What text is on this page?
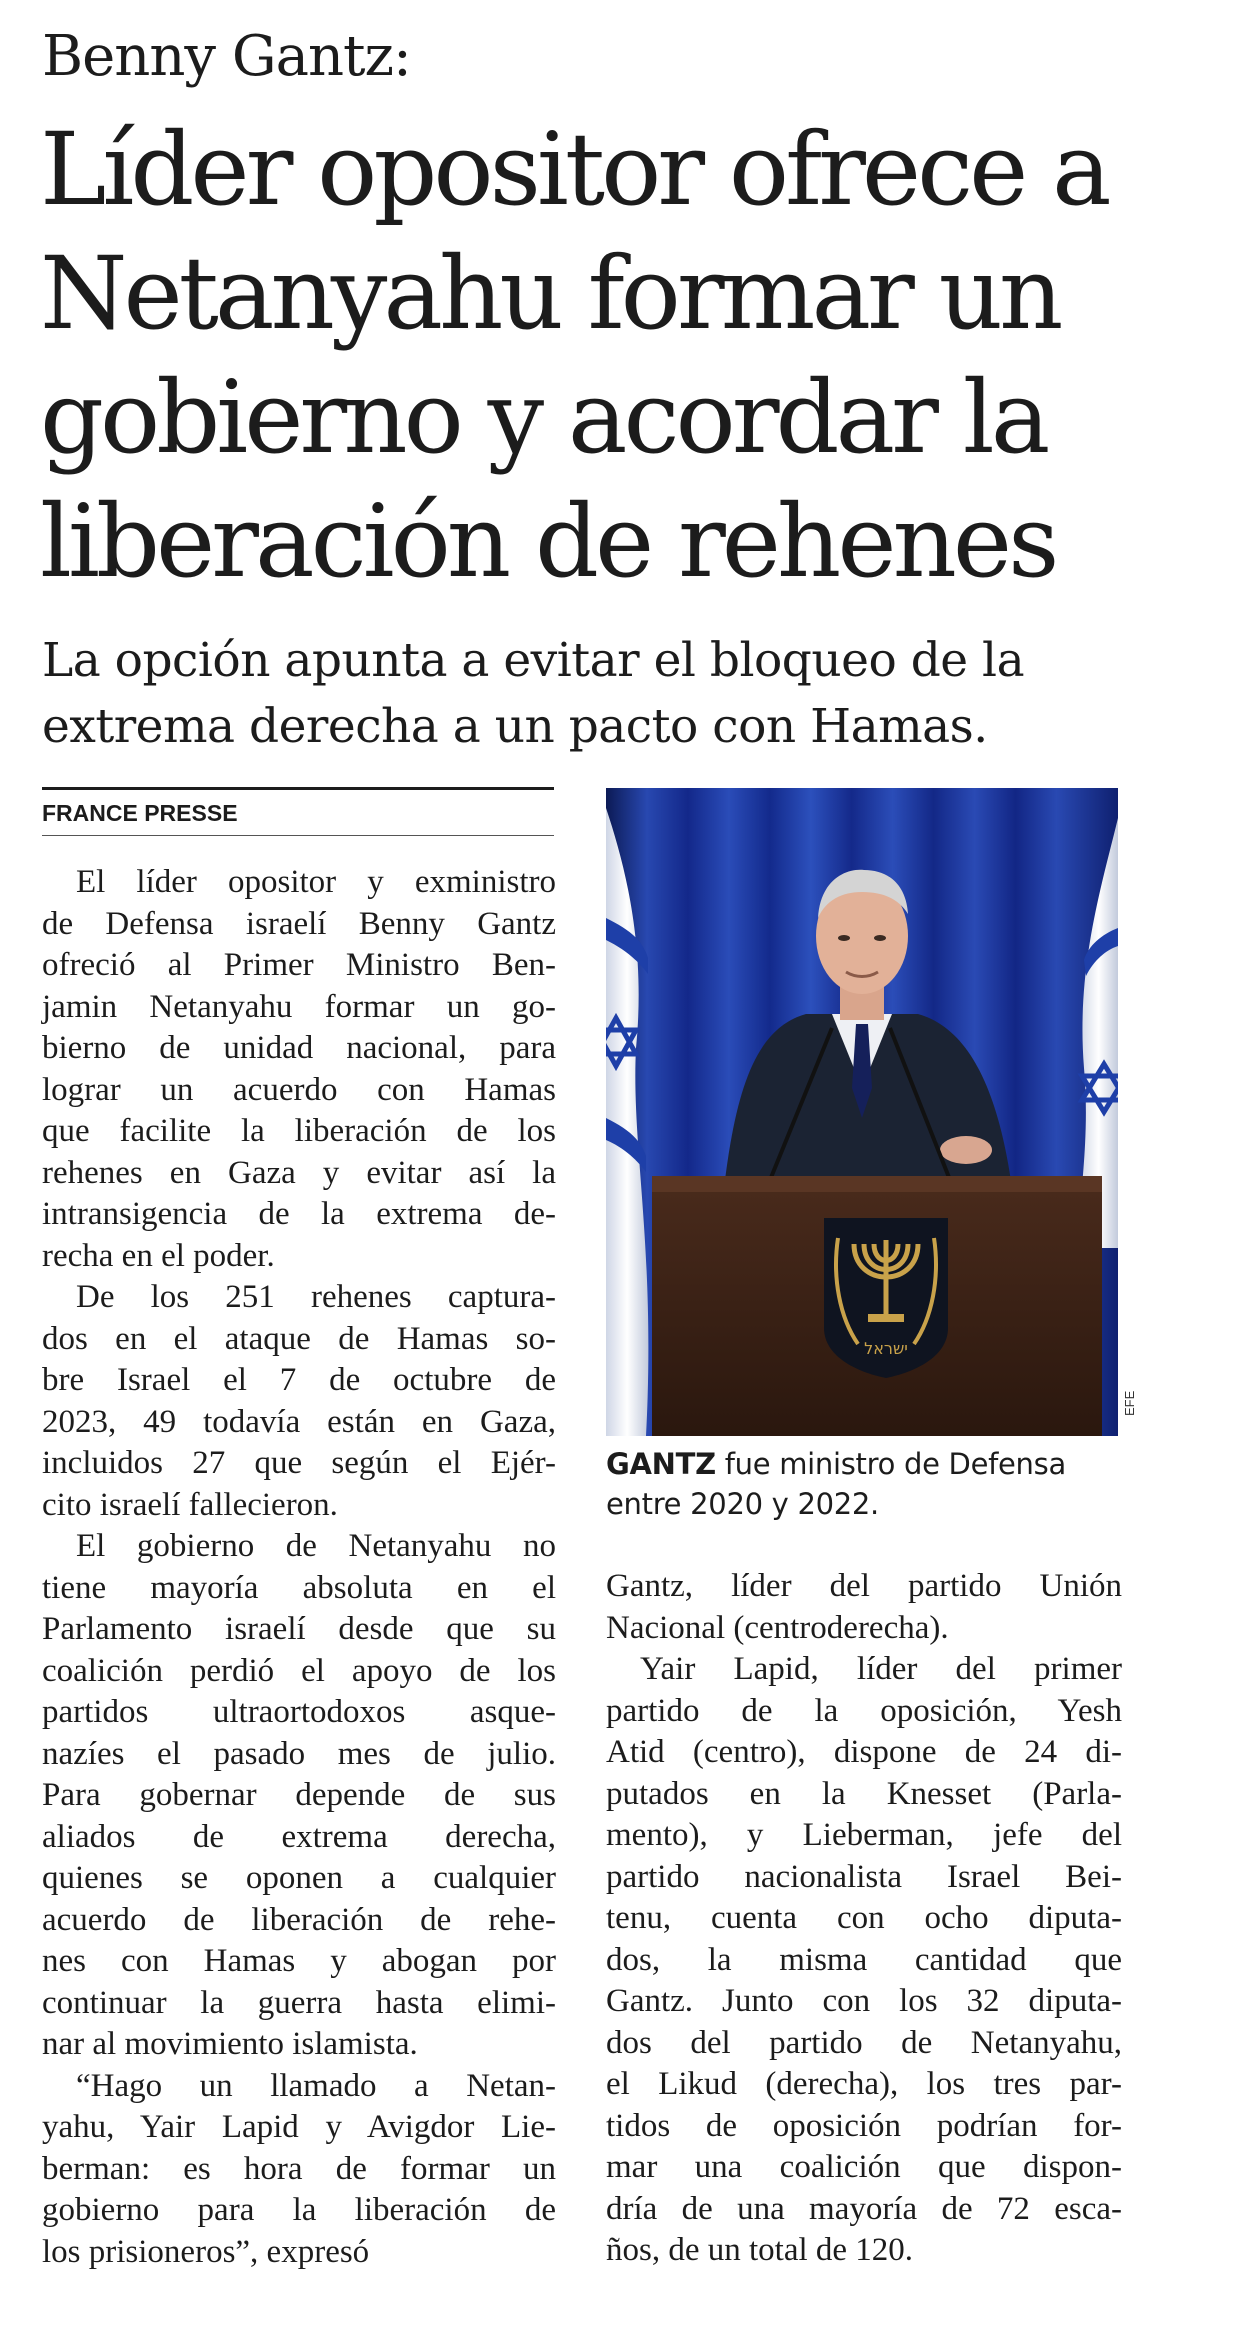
Benny Gantz:
Líder opositor ofrece a
Netanyahu formar un
gobierno y acordar la
liberación de rehenes
La opción apunta a evitar el bloqueo de la
extrema derecha a un pacto con Hamas.
FRANCE PRESSE
El líder opositor y exministro
de Defensa israelí Benny Gantz
ofreció al Primer Ministro Ben-
jamin Netanyahu formar un go-
bierno de unidad nacional, para
lograr un acuerdo con Hamas
que facilite la liberación de los
rehenes en Gaza y evitar así la
intransigencia de la extrema de-
recha en el poder.
De los 251 rehenes captura-
dos en el ataque de Hamas so-
bre Israel el 7 de octubre de
2023, 49 todavía están en Gaza,
incluidos 27 que según el Ejér-
cito israelí fallecieron.
El gobierno de Netanyahu no
tiene mayoría absoluta en el
Parlamento israelí desde que su
coalición perdió el apoyo de los
partidos ultraortodoxos asque-
nazíes el pasado mes de julio.
Para gobernar depende de sus
aliados de extrema derecha,
quienes se oponen a cualquier
acuerdo de liberación de rehe-
nes con Hamas y abogan por
continuar la guerra hasta elimi-
nar al movimiento islamista.
“Hago un llamado a Netan-
yahu, Yair Lapid y Avigdor Lie-
berman: es hora de formar un
gobierno para la liberación de
los prisioneros”, expresó
ישראל
EFE
GANTZ fue ministro de Defensa
entre 2020 y 2022.
Gantz, líder del partido Unión
Nacional (centroderecha).
Yair Lapid, líder del primer
partido de la oposición, Yesh
Atid (centro), dispone de 24 di-
putados en la Knesset (Parla-
mento), y Lieberman, jefe del
partido nacionalista Israel Bei-
tenu, cuenta con ocho diputa-
dos, la misma cantidad que
Gantz. Junto con los 32 diputa-
dos del partido de Netanyahu,
el Likud (derecha), los tres par-
tidos de oposición podrían for-
mar una coalición que dispon-
dría de una mayoría de 72 esca-
ños, de un total de 120.
